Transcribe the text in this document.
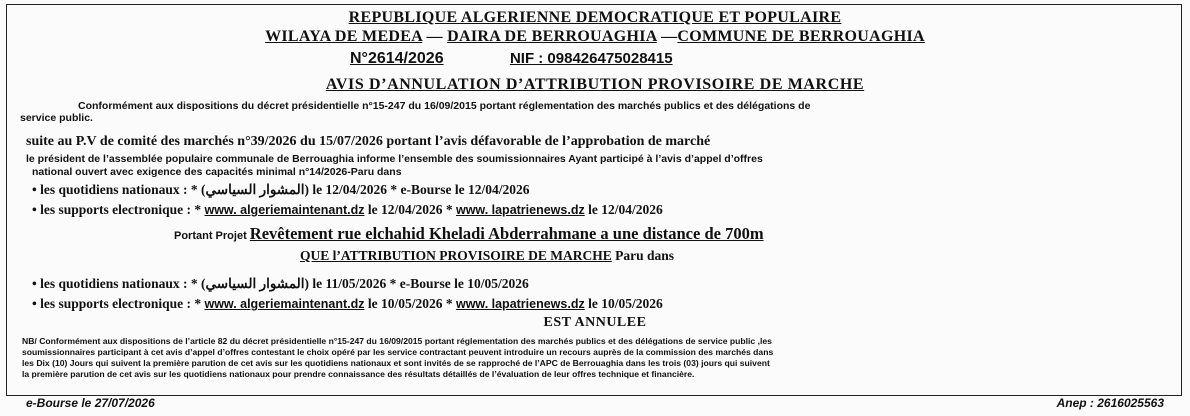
REPUBLIQUE ALGERIENNE DEMOCRATIQUE ET POPULAIRE
WILAYA DE MEDEA — DAIRA DE BERROUAGHIA —COMMUNE DE BERROUAGHIA
N°2614/2026	NIF : 098426475028415
AVIS D’ANNULATION D’ATTRIBUTION PROVISOIRE DE MARCHE
Conformément aux dispositions du décret présidentielle n°15-247 du 16/09/2015 portant réglementation des marchés publics et des délégations de
service public.
suite au P.V de comité des marchés n°39/2026 du 15/07/2026 portant l’avis défavorable de l’approbation de marché
le président de l’assemblée populaire communale de Berrouaghia informe l’ensemble des soumissionnaires Ayant participé à l’avis d’appel d’offres
national ouvert avec exigence des capacités minimal n°14/2026-Paru dans
• les quotidiens nationaux : * (المشوار السياسي) le 12/04/2026 * e-Bourse le 12/04/2026
• les supports electronique : * www. algeriemaintenant.dz le 12/04/2026 * www. lapatrienews.dz le 12/04/2026
Portant Projet Revêtement rue elchahid Kheladi Abderrahmane a une distance de 700m
QUE l’ATTRIBUTION PROVISOIRE DE MARCHE Paru dans
• les quotidiens nationaux : * (المشوار السياسي) le 11/05/2026 * e-Bourse le 10/05/2026
• les supports electronique : * www. algeriemaintenant.dz le 10/05/2026 * www. lapatrienews.dz le 10/05/2026
EST ANNULEE
NB/ Conformément aux dispositions de l’article 82 du décret présidentielle n°15-247 du 16/09/2015 portant réglementation des marchés publics et des délégations de service public ,les
soumissionnaires participant à cet avis d’appel d’offres contestant le choix opéré par les service contractant peuvent introduire un recours auprès de la commission des marchés dans
les Dix (10) Jours qui suivent la première parution de cet avis sur les quotidiens nationaux et sont invités de se rapproché de l’APC de Berrouaghia dans les trois (03) jours qui suivent
la première parution de cet avis sur les quotidiens nationaux pour prendre connaissance des résultats détaillés de l’évaluation de leur offres technique et financière.
e-Bourse le 27/07/2026	Anep : 2616025563
